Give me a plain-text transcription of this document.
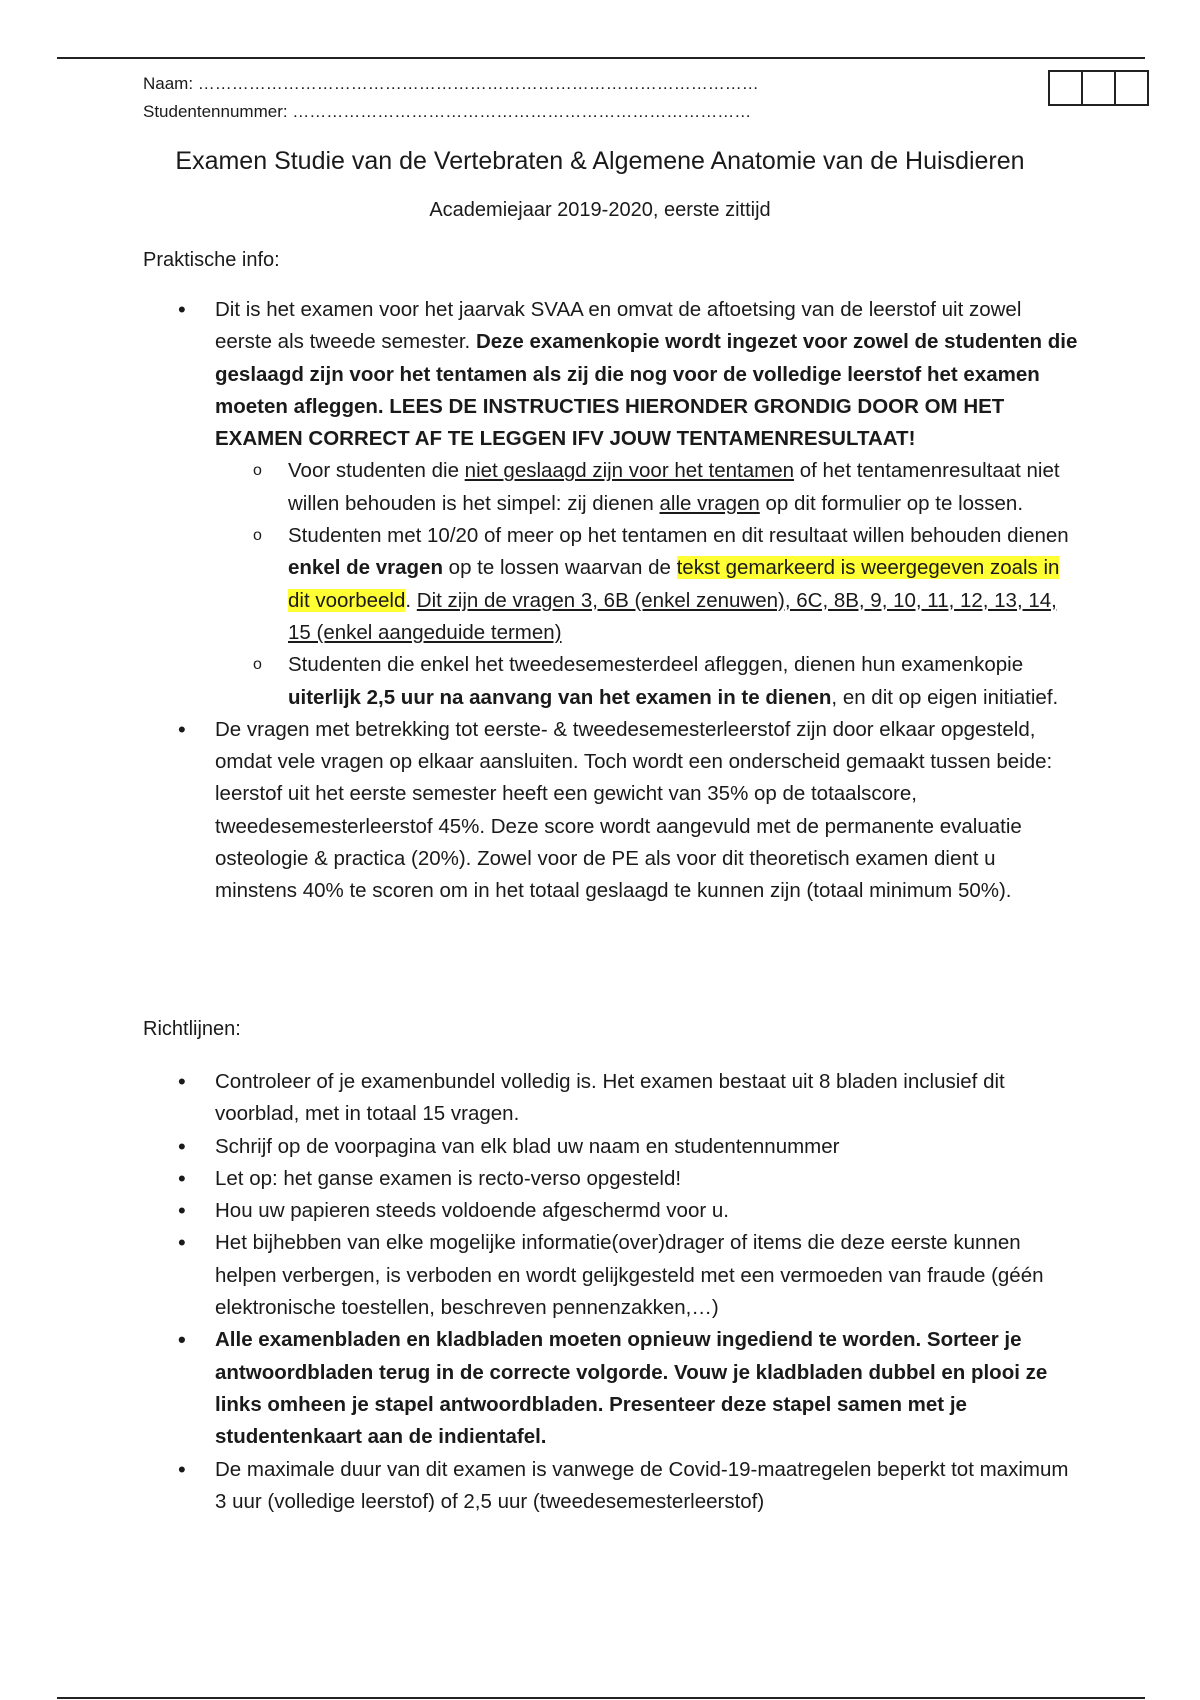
Naam: ………………………………………………………………………………………
Studentennummer: ………………………………………………………………………
Examen Studie van de Vertebraten & Algemene Anatomie van de Huisdieren
Academiejaar 2019-2020, eerste zittijd
Praktische info:
• Dit is het examen voor het jaarvak SVAA en omvat de aftoetsing van de leerstof uit zowel eerste als tweede semester. Deze examenkopie wordt ingezet voor zowel de studenten die geslaagd zijn voor het tentamen als zij die nog voor de volledige leerstof het examen moeten afleggen. LEES DE INSTRUCTIES HIERONDER GRONDIG DOOR OM HET EXAMEN CORRECT AF TE LEGGEN IFV JOUW TENTAMENRESULTAAT!
o Voor studenten die niet geslaagd zijn voor het tentamen of het tentamenresultaat niet willen behouden is het simpel: zij dienen alle vragen op dit formulier op te lossen.
o Studenten met 10/20 of meer op het tentamen en dit resultaat willen behouden dienen enkel de vragen op te lossen waarvan de tekst gemarkeerd is weergegeven zoals in dit voorbeeld. Dit zijn de vragen 3, 6B (enkel zenuwen), 6C, 8B, 9, 10, 11, 12, 13, 14, 15 (enkel aangeduide termen)
o Studenten die enkel het tweedesemesterdeel afleggen, dienen hun examenkopie uiterlijk 2,5 uur na aanvang van het examen in te dienen, en dit op eigen initiatief.
• De vragen met betrekking tot eerste- & tweedesemesterleerstof zijn door elkaar opgesteld, omdat vele vragen op elkaar aansluiten. Toch wordt een onderscheid gemaakt tussen beide: leerstof uit het eerste semester heeft een gewicht van 35% op de totaalscore, tweedesemesterleerstof 45%. Deze score wordt aangevuld met de permanente evaluatie osteologie & practica (20%). Zowel voor de PE als voor dit theoretisch examen dient u minstens 40% te scoren om in het totaal geslaagd te kunnen zijn (totaal minimum 50%).
Richtlijnen:
• Controleer of je examenbundel volledig is. Het examen bestaat uit 8 bladen inclusief dit voorblad, met in totaal 15 vragen.
• Schrijf op de voorpagina van elk blad uw naam en studentennummer
• Let op: het ganse examen is recto-verso opgesteld!
• Hou uw papieren steeds voldoende afgeschermd voor u.
• Het bijhebben van elke mogelijke informatie(over)drager of items die deze eerste kunnen helpen verbergen, is verboden en wordt gelijkgesteld met een vermoeden van fraude (géén elektronische toestellen, beschreven pennenzakken,…)
• Alle examenbladen en kladbladen moeten opnieuw ingediend te worden. Sorteer je antwoordbladen terug in de correcte volgorde. Vouw je kladbladen dubbel en plooi ze links omheen je stapel antwoordbladen. Presenteer deze stapel samen met je studentenkaart aan de indientafel.
• De maximale duur van dit examen is vanwege de Covid-19-maatregelen beperkt tot maximum 3 uur (volledige leerstof) of 2,5 uur (tweedesemesterleerstof)
